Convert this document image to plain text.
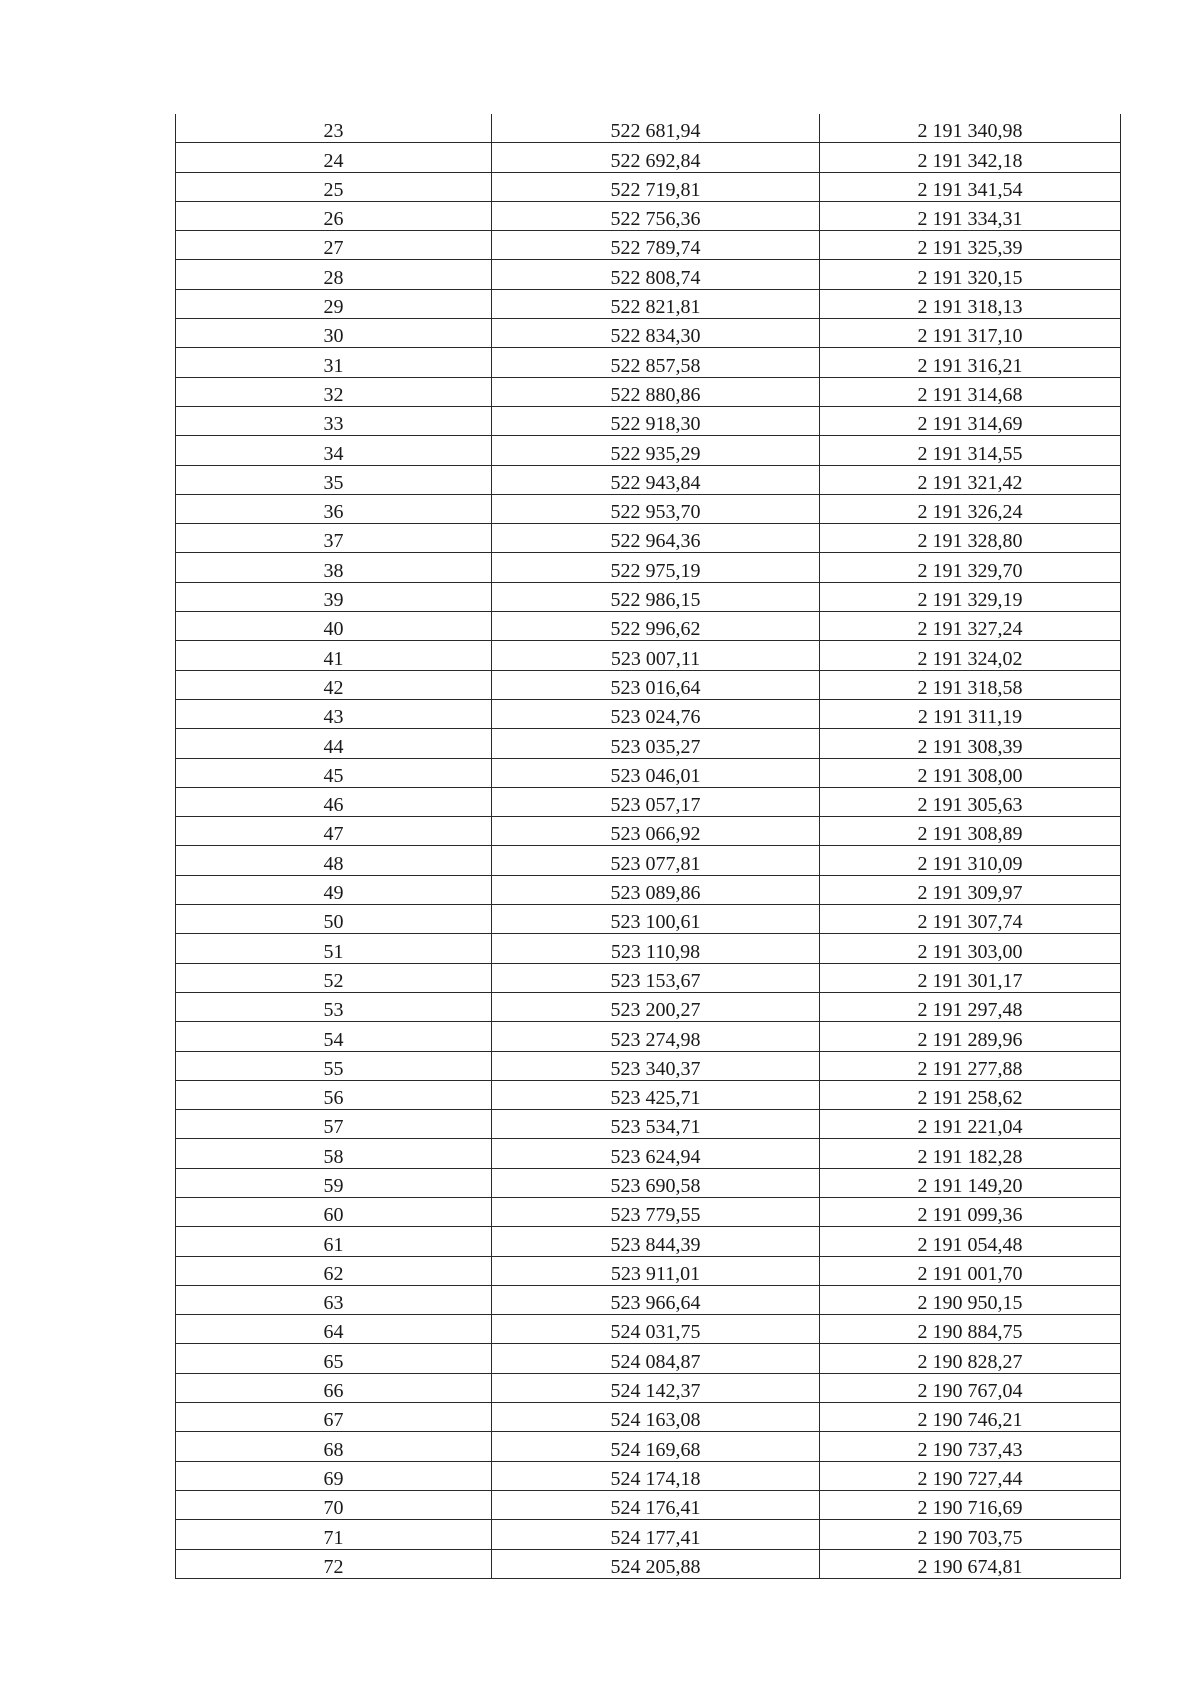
23	522 681,94	2 191 340,98
24	522 692,84	2 191 342,18
25	522 719,81	2 191 341,54
26	522 756,36	2 191 334,31
27	522 789,74	2 191 325,39
28	522 808,74	2 191 320,15
29	522 821,81	2 191 318,13
30	522 834,30	2 191 317,10
31	522 857,58	2 191 316,21
32	522 880,86	2 191 314,68
33	522 918,30	2 191 314,69
34	522 935,29	2 191 314,55
35	522 943,84	2 191 321,42
36	522 953,70	2 191 326,24
37	522 964,36	2 191 328,80
38	522 975,19	2 191 329,70
39	522 986,15	2 191 329,19
40	522 996,62	2 191 327,24
41	523 007,11	2 191 324,02
42	523 016,64	2 191 318,58
43	523 024,76	2 191 311,19
44	523 035,27	2 191 308,39
45	523 046,01	2 191 308,00
46	523 057,17	2 191 305,63
47	523 066,92	2 191 308,89
48	523 077,81	2 191 310,09
49	523 089,86	2 191 309,97
50	523 100,61	2 191 307,74
51	523 110,98	2 191 303,00
52	523 153,67	2 191 301,17
53	523 200,27	2 191 297,48
54	523 274,98	2 191 289,96
55	523 340,37	2 191 277,88
56	523 425,71	2 191 258,62
57	523 534,71	2 191 221,04
58	523 624,94	2 191 182,28
59	523 690,58	2 191 149,20
60	523 779,55	2 191 099,36
61	523 844,39	2 191 054,48
62	523 911,01	2 191 001,70
63	523 966,64	2 190 950,15
64	524 031,75	2 190 884,75
65	524 084,87	2 190 828,27
66	524 142,37	2 190 767,04
67	524 163,08	2 190 746,21
68	524 169,68	2 190 737,43
69	524 174,18	2 190 727,44
70	524 176,41	2 190 716,69
71	524 177,41	2 190 703,75
72	524 205,88	2 190 674,81
